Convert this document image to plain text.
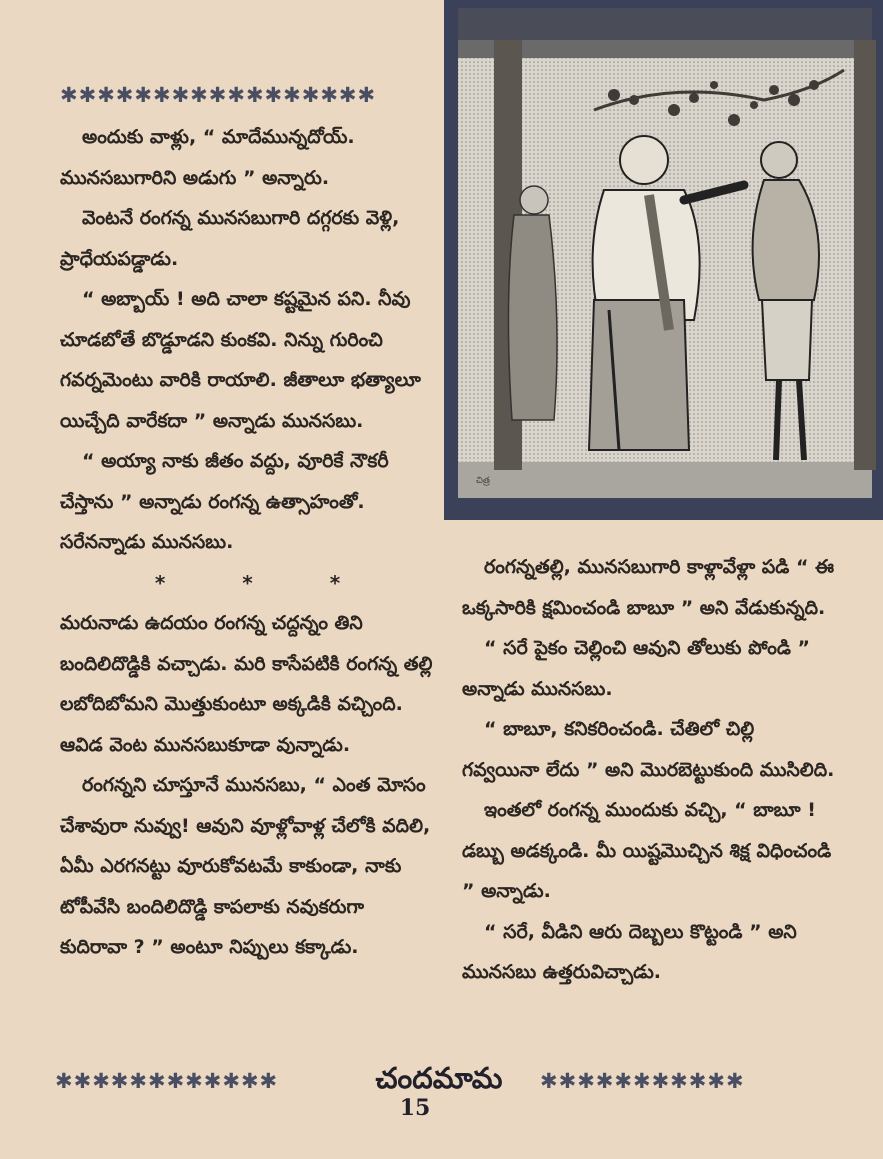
✱✱✱✱✱✱✱✱✱✱✱✱✱✱✱✱✱

అందుకు వాళ్లు, “ మాదేమున్నదోయ్. మునసబుగారిని అడుగు ” అన్నారు.

వెంటనే రంగన్న మునసబుగారి దగ్గరకు వెళ్లి, ప్రాధేయపడ్డాడు.

“ అబ్బాయ్ ! అది చాలా కష్టమైన పని. నీవు చూడబోతే బొడ్డూడని కుంకవి. నిన్ను గురించి గవర్నమెంటు వారికి రాయాలి. జీతాలూ భత్యాలూ యిచ్చేది వారేకదా ” అన్నాడు మునసబు.

“ అయ్యా నాకు జీతం వద్దు, వూరికే నౌకరీ చేస్తాను ” అన్నాడు రంగన్న ఉత్సాహంతో. సరేనన్నాడు మునసబు.

* * *

మరునాడు ఉదయం రంగన్న చద్దన్నం తిని బందిలిదొడ్డికి వచ్చాడు. మరి కాసేపటికి రంగన్న తల్లి లబోదిబోమని మొత్తుకుంటూ అక్కడికి వచ్చింది. ఆవిడ వెంట మునసబుకూడా వున్నాడు.

రంగన్నని చూస్తూనే మునసబు, “ ఎంత మోసం చేశావురా నువ్వు! ఆవుని వూళ్లోవాళ్ల చేలోకి వదిలి, ఏమీ ఎరగనట్టు వూరుకోవటమే కాకుండా, నాకు టోపీవేసి బందిలిదొడ్డి కాపలాకు నవుకరుగా కుదిరావా ? ” అంటూ నిప్పులు కక్కాడు.

చిత్ర

రంగన్నతల్లి, మునసబుగారి కాళ్లావేళ్లా పడి “ ఈ ఒక్కసారికి క్షమించండి బాబూ ” అని వేడుకున్నది.

“ సరే పైకం చెల్లించి ఆవుని తోలుకు పోండి ” అన్నాడు మునసబు.

“ బాబూ, కనికరించండి. చేతిలో చిల్లి గవ్వయినా లేదు ” అని మొరబెట్టుకుంది ముసిలిది.

ఇంతలో రంగన్న ముందుకు వచ్చి, “ బాబూ ! డబ్బు అడక్కండి. మీ యిష్టమొచ్చిన శిక్ష విధించండి ” అన్నాడు.

“ సరే, వీడిని ఆరు దెబ్బలు కొట్టండి ” అని మునసబు ఉత్తరువిచ్చాడు.

✱✱✱✱✱✱✱✱✱✱✱✱	చందమామ	✱✱✱✱✱✱✱✱✱✱✱
15
